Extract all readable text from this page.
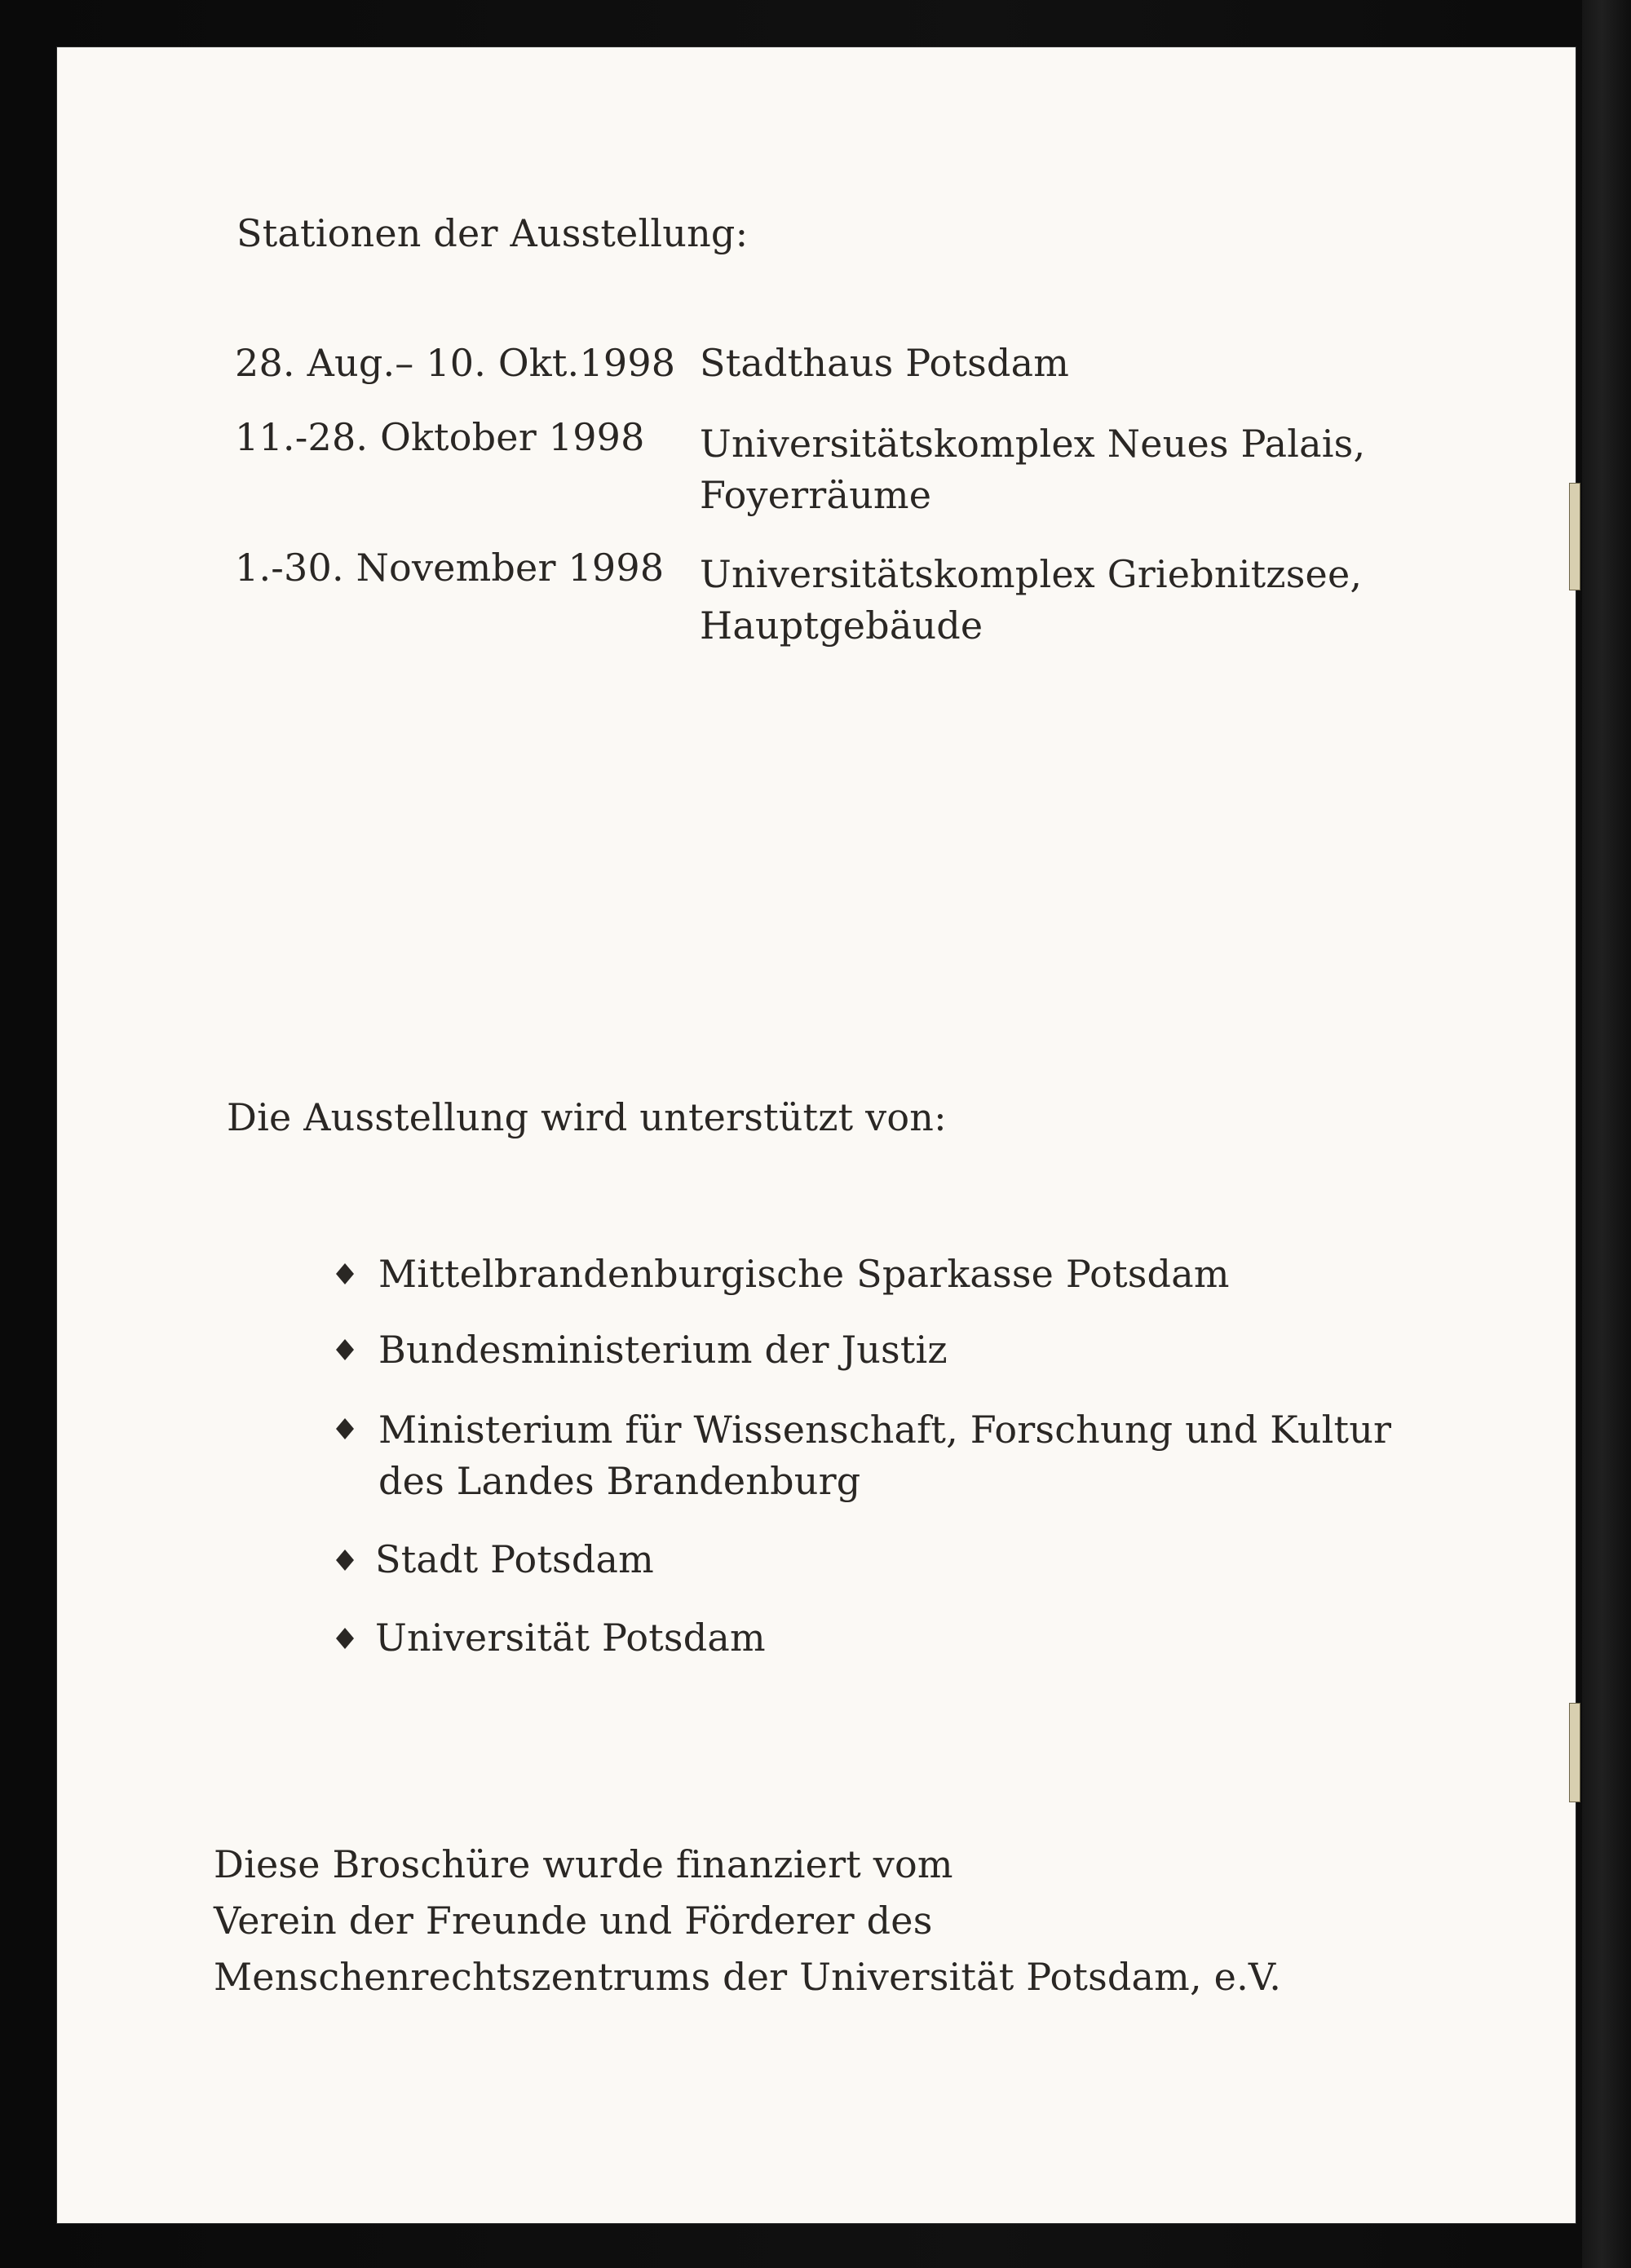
Stationen der Ausstellung:
28. Aug.– 10. Okt.1998 Stadthaus Potsdam
11.-28. Oktober 1998 Universitätskomplex Neues Palais,
Foyerräume
1.-30. November 1998 Universitätskomplex Griebnitzsee,
Hauptgebäude
Die Ausstellung wird unterstützt von:
Mittelbrandenburgische Sparkasse Potsdam
Bundesministerium der Justiz
Ministerium für Wissenschaft, Forschung und Kultur
des Landes Brandenburg
Stadt Potsdam
Universität Potsdam
Diese Broschüre wurde finanziert vom
Verein der Freunde und Förderer des
Menschenrechtszentrums der Universität Potsdam, e.V.
